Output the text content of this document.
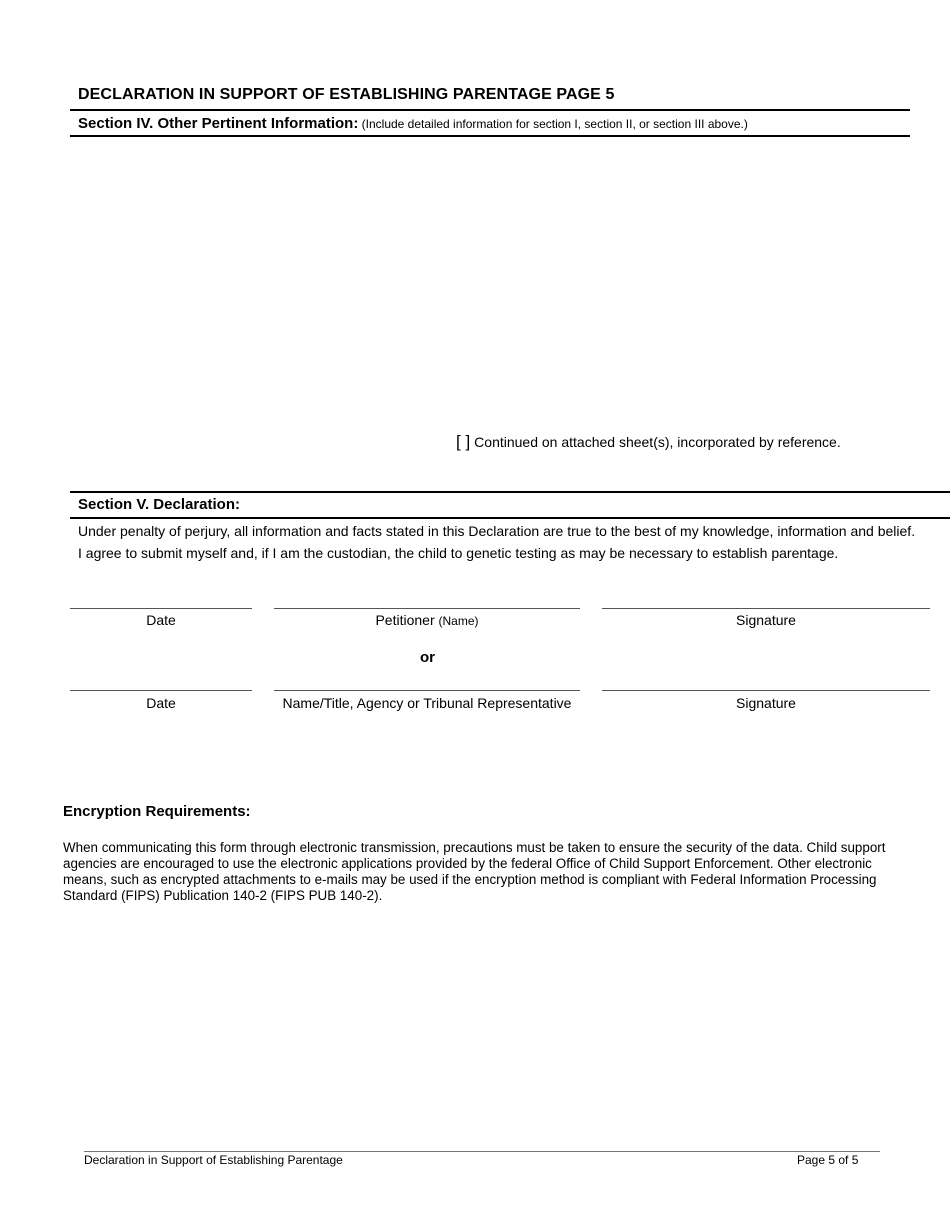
DECLARATION IN SUPPORT OF ESTABLISHING PARENTAGE PAGE 5
Section IV. Other Pertinent Information: (Include detailed information for section I, section II, or section III above.)
[ ] Continued on attached sheet(s), incorporated by reference.
Section V. Declaration:
Under penalty of perjury, all information and facts stated in this Declaration are true to the best of my knowledge, information and belief.
I agree to submit myself and, if I am the custodian, the child to genetic testing as may be necessary to establish parentage.
Date	Petitioner (Name)	Signature
or
Date	Name/Title, Agency or Tribunal Representative	Signature
Encryption Requirements:
When communicating this form through electronic transmission, precautions must be taken to ensure the security of the data. Child support agencies are encouraged to use the electronic applications provided by the federal Office of Child Support Enforcement. Other electronic means, such as encrypted attachments to e-mails may be used if the encryption method is compliant with Federal Information Processing Standard (FIPS) Publication 140-2 (FIPS PUB 140-2).
Declaration in Support of Establishing Parentage	Page 5 of 5
